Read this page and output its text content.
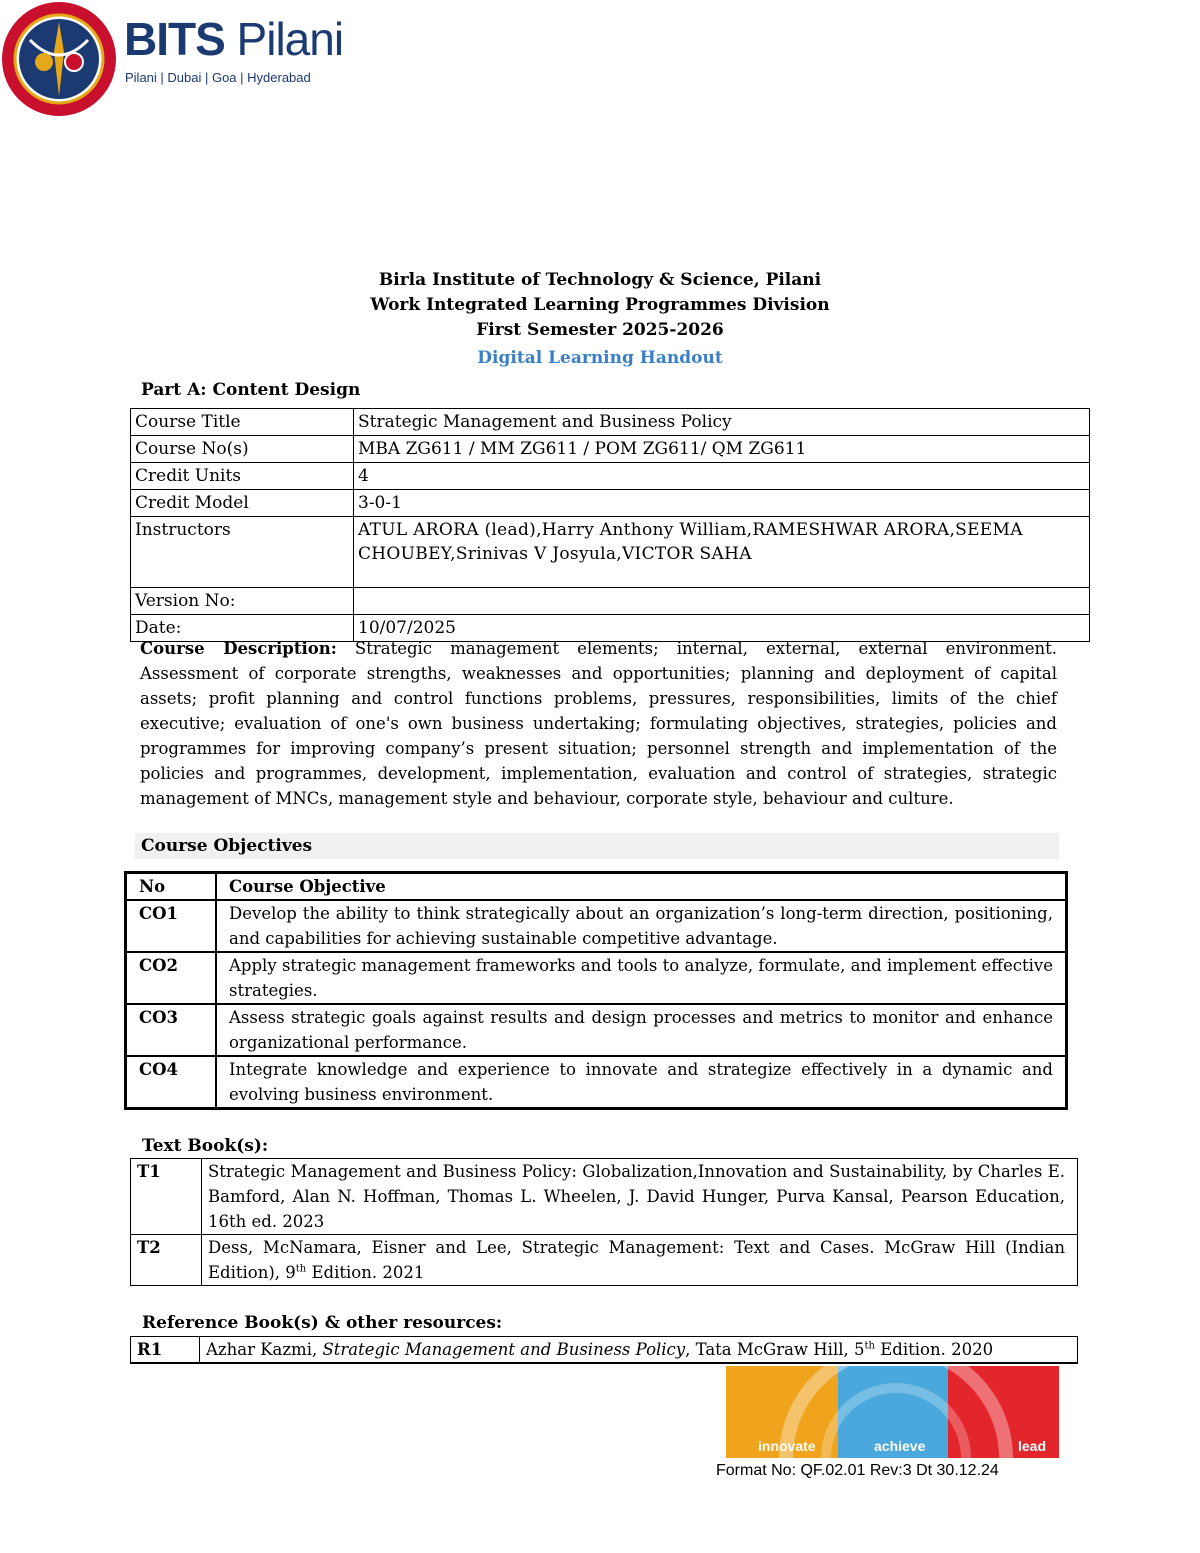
BITS Pilani
Pilani | Dubai | Goa | Hyderabad
Birla Institute of Technology & Science, Pilani
Work Integrated Learning Programmes Division
First Semester 2025-2026
Digital Learning Handout
Part A: Content Design
Course Title	Strategic Management and Business Policy
Course No(s)	MBA ZG611 / MM ZG611 / POM ZG611/ QM ZG611
Credit Units	4
Credit Model	3-0-1
Instructors	ATUL ARORA (lead),Harry Anthony William,RAMESHWAR ARORA,SEEMA CHOUBEY,Srinivas V Josyula,VICTOR SAHA
Version No:	
Date:	10/07/2025
Course Description: Strategic management elements; internal, external, external environment. Assessment of corporate strengths, weaknesses and opportunities; planning and deployment of capital assets; profit planning and control functions problems, pressures, responsibilities, limits of the chief executive; evaluation of one's own business undertaking; formulating objectives, strategies, policies and programmes for improving company’s present situation; personnel strength and implementation of the policies and programmes, development, implementation, evaluation and control of strategies, strategic management of MNCs, management style and behaviour, corporate style, behaviour and culture.
Course Objectives
No	Course Objective
CO1	Develop the ability to think strategically about an organization’s long-term direction, positioning, and capabilities for achieving sustainable competitive advantage.
CO2	Apply strategic management frameworks and tools to analyze, formulate, and implement effective strategies.
CO3	Assess strategic goals against results and design processes and metrics to monitor and enhance organizational performance.
CO4	Integrate knowledge and experience to innovate and strategize effectively in a dynamic and evolving business environment.
Text Book(s):
T1	Strategic Management and Business Policy: Globalization,Innovation and Sustainability, by Charles E. Bamford, Alan N. Hoffman, Thomas L. Wheelen, J. David Hunger, Purva Kansal, Pearson Education, 16th ed. 2023
T2	Dess, McNamara, Eisner and Lee, Strategic Management: Text and Cases. McGraw Hill (Indian Edition), 9th Edition. 2021
Reference Book(s) & other resources:
R1	Azhar Kazmi, Strategic Management and Business Policy, Tata McGraw Hill, 5th Edition. 2020
innovate	achieve	lead
Format No: QF.02.01 Rev:3 Dt 30.12.24
